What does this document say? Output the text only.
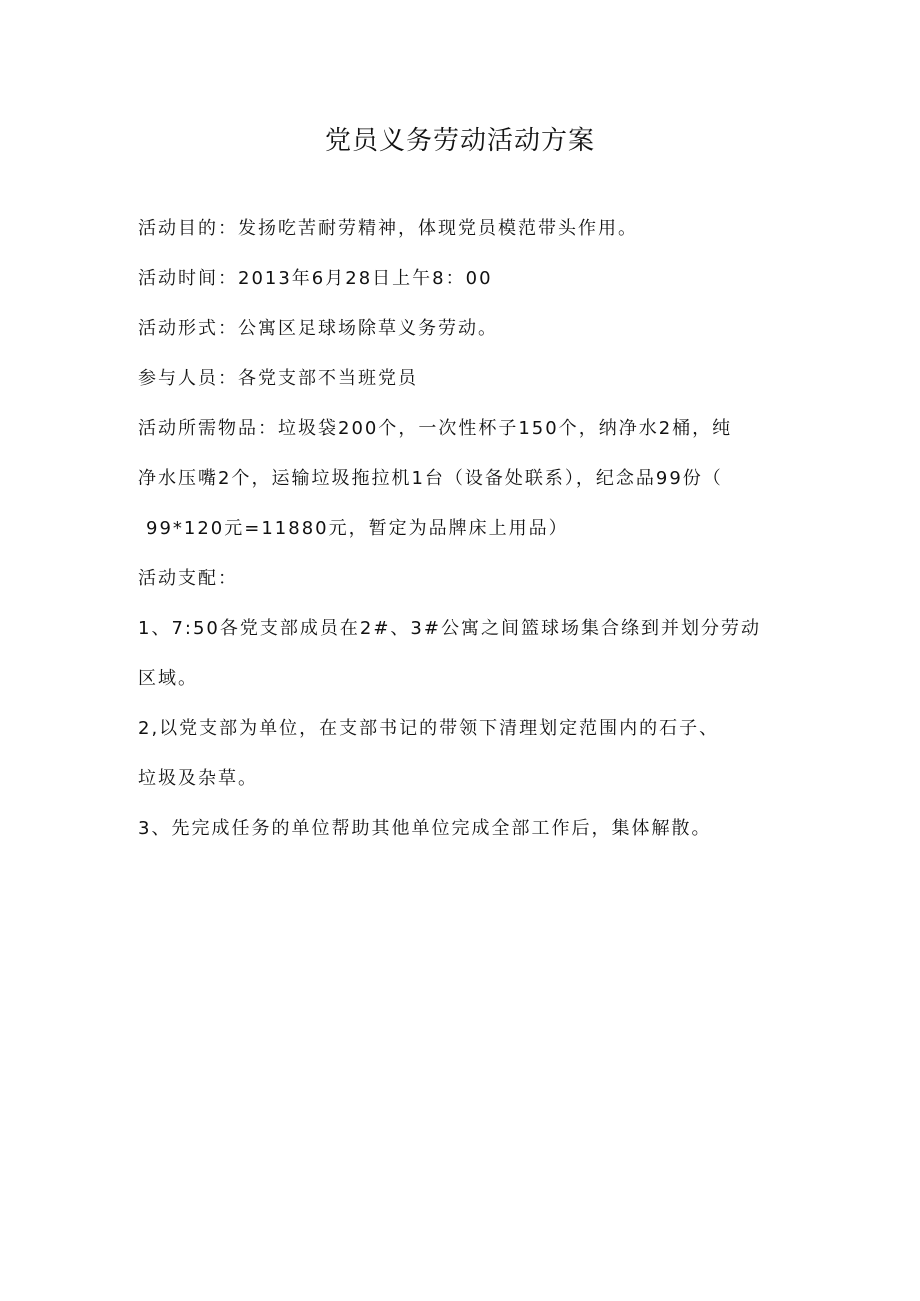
党员义务劳动活动方案
活动目的：发扬吃苦耐劳精神，体现党员模范带头作用。
活动时间：2013年6月28日上午8：00
活动形式：公寓区足球场除草义务劳动。
参与人员：各党支部不当班党员
活动所需物品：垃圾袋200个，一次性杯子150个，纳净水2桶，纯
净水压嘴2个，运输垃圾拖拉机1台（设备处联系），纪念品99份（
99*120元=11880元，暂定为品牌床上用品）
活动支配：
1、7:50各党支部成员在2#、3#公寓之间篮球场集合绦到并划分劳动
区域。
2,以党支部为单位，在支部书记的带领下清理划定范围内的石子、
垃圾及杂草。
3、先完成任务的单位帮助其他单位完成全部工作后，集体解散。
